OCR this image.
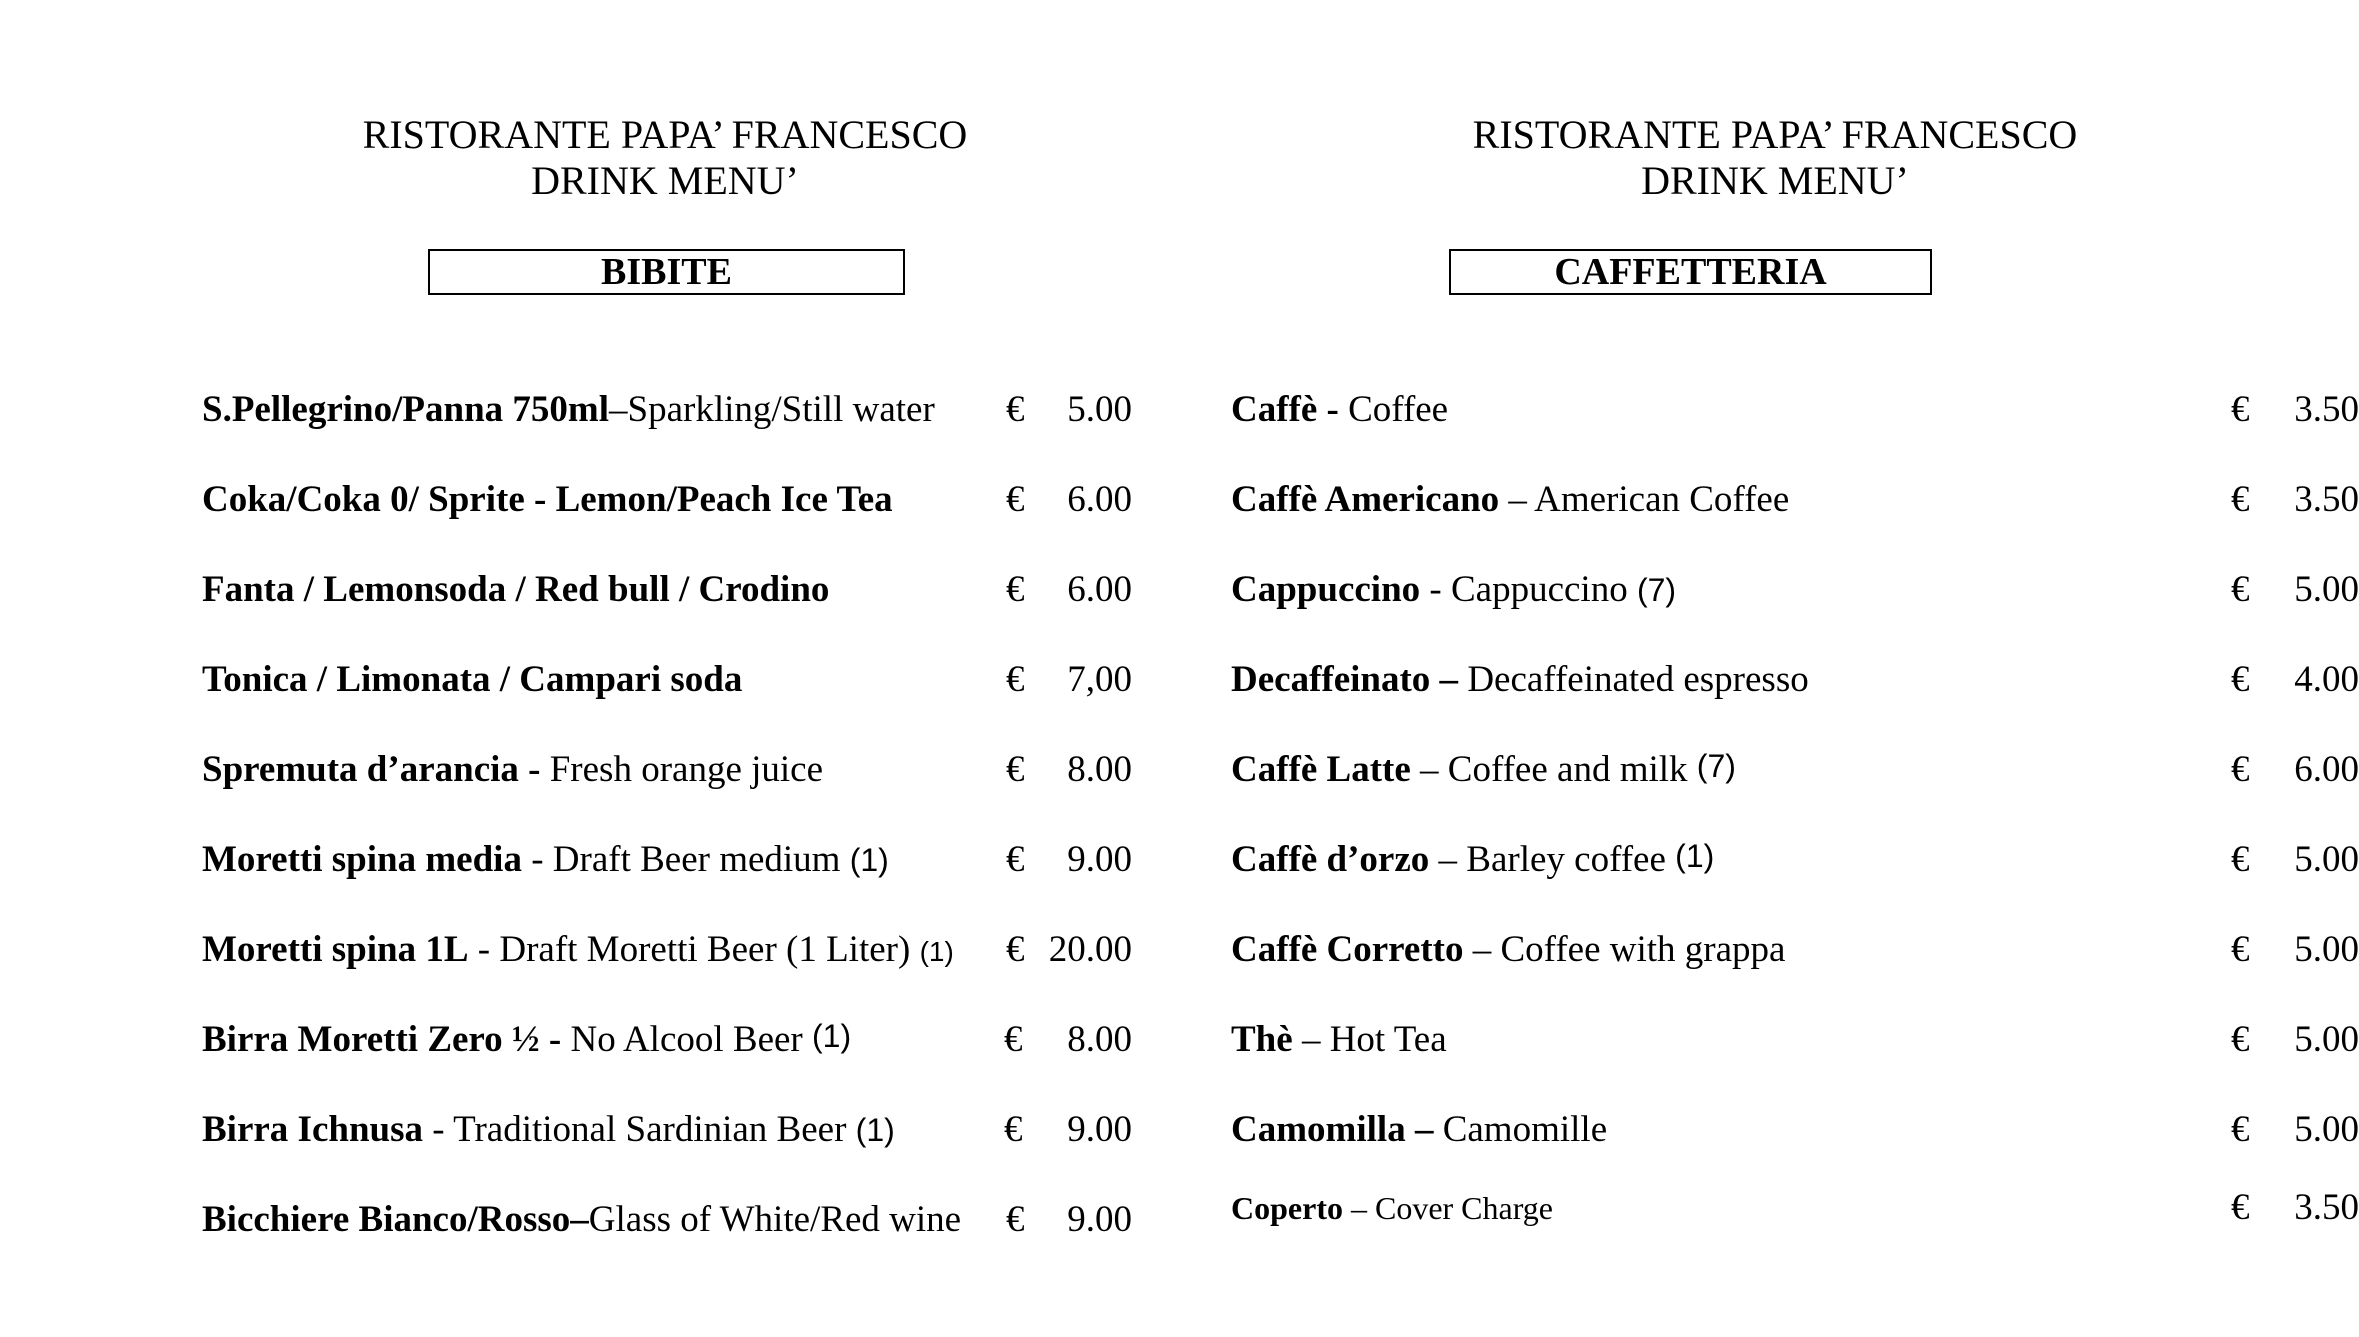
RISTORANTE PAPA’ FRANCESCO
DRINK MENU’
BIBITE
S.Pellegrino/Panna 750ml–Sparkling/Still water € 5.00
Coka/Coka 0/ Sprite - Lemon/Peach Ice Tea	€ 6.00
Fanta / Lemonsoda / Red bull / Crodino	€ 6.00
Tonica / Limonata / Campari soda	€ 7,00
Spremuta d’arancia - Fresh orange juice	€ 8.00
Moretti spina media - Draft Beer medium (1)	€ 9.00
Moretti spina 1L - Draft Moretti Beer (1 Liter) (1) € 20.00
Birra Moretti Zero ½ - No Alcool Beer (1)	€ 8.00
Birra Ichnusa - Traditional Sardinian Beer (1)	€ 9.00
Bicchiere Bianco/Rosso–Glass of White/Red wine € 9.00
RISTORANTE PAPA’ FRANCESCO
DRINK MENU’
CAFFETTERIA
Caffè - Coffee	€ 3.50
Caffè Americano – American Coffee	€ 3.50
Cappuccino - Cappuccino (7)	€ 5.00
Decaffeinato – Decaffeinated espresso	€ 4.00
Caffè Latte – Coffee and milk (7)	€ 6.00
Caffè d’orzo – Barley coffee (1)	€ 5.00
Caffè Corretto – Coffee with grappa	€ 5.00
Thè – Hot Tea	€ 5.00
Camomilla – Camomille	€ 5.00
Coperto – Cover Charge	€ 3.50
